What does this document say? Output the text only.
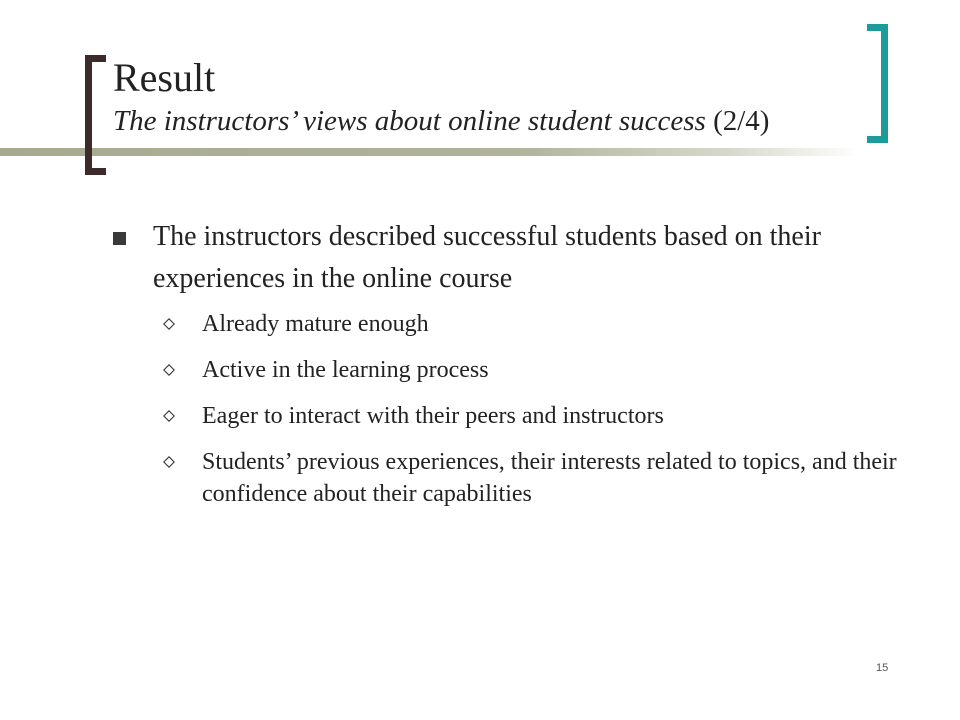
Result
The instructors’ views about online student success (2/4)
The instructors described successful students based on their experiences in the online course
Already mature enough
Active in the learning process
Eager to interact with their peers and instructors
Students’ previous experiences, their interests related to topics, and their confidence about their capabilities
15
